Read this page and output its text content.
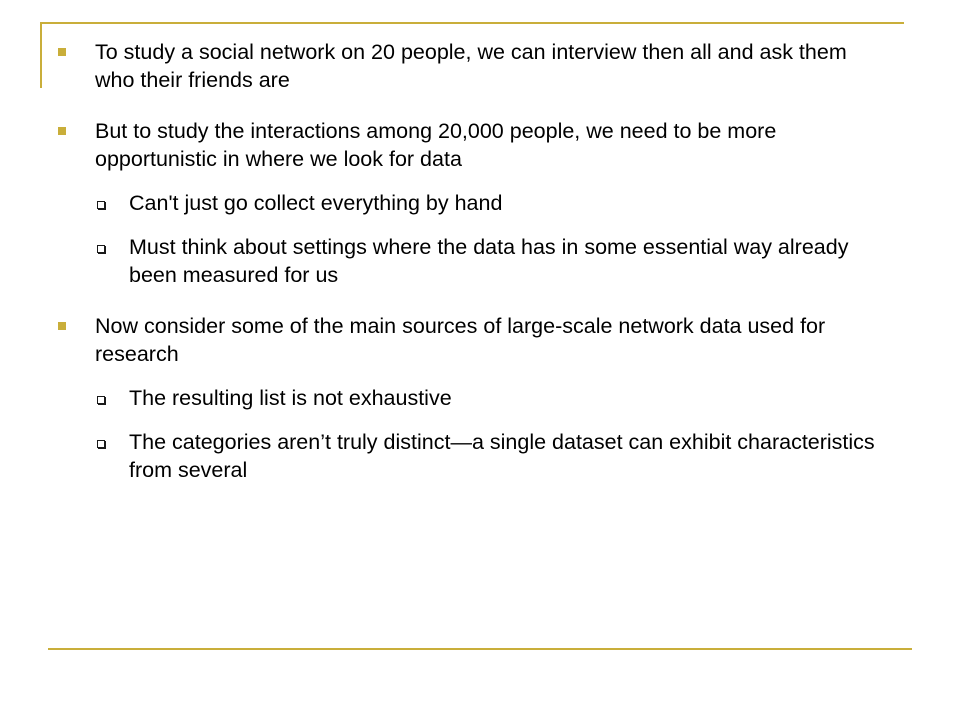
To study a social network on 20 people, we can interview then all and ask them who their friends are
But to study the interactions among 20,000 people, we need to be more opportunistic in where we look for data
Can't just go collect everything by hand
Must think about settings where the data has in some essential way already been measured for us
Now consider some of the main sources of large-scale network data used for research
The resulting list is not exhaustive
The categories aren’t truly distinct—a single dataset can exhibit characteristics from several
